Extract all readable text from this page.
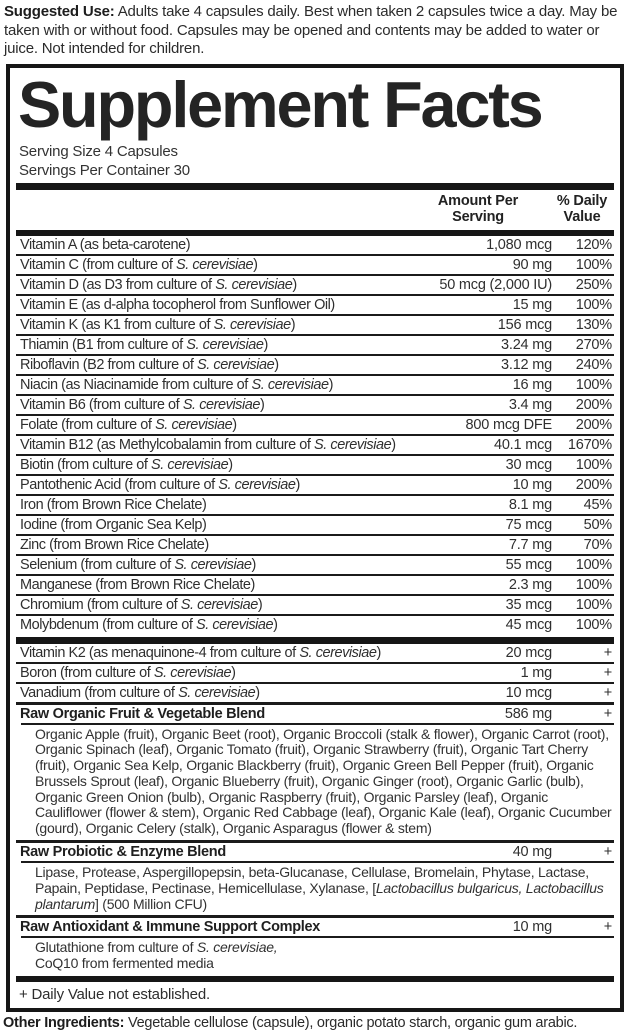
Suggested Use: Adults take 4 capsules daily. Best when taken 2 capsules twice a day. May be taken with or without food. Capsules may be opened and contents may be added to water or juice. Not intended for children.

Supplement Facts
Serving Size 4 Capsules
Servings Per Container 30
Amount Per Serving
% Daily Value
Vitamin A (as beta-carotene)	1,080 mcg	120%
Vitamin C (from culture of S. cerevisiae)	90 mg	100%
Vitamin D (as D3 from culture of S. cerevisiae)	50 mcg (2,000 IU)	250%
Vitamin E (as d-alpha tocopherol from Sunflower Oil)	15 mg	100%
Vitamin K (as K1 from culture of S. cerevisiae)	156 mcg	130%
Thiamin (B1 from culture of S. cerevisiae)	3.24 mg	270%
Riboflavin (B2 from culture of S. cerevisiae)	3.12 mg	240%
Niacin (as Niacinamide from culture of S. cerevisiae)	16 mg	100%
Vitamin B6 (from culture of S. cerevisiae)	3.4 mg	200%
Folate (from culture of S. cerevisiae)	800 mcg DFE	200%
Vitamin B12 (as Methylcobalamin from culture of S. cerevisiae)	40.1 mcg	1670%
Biotin (from culture of S. cerevisiae)	30 mcg	100%
Pantothenic Acid (from culture of S. cerevisiae)	10 mg	200%
Iron (from Brown Rice Chelate)	8.1 mg	45%
Iodine (from Organic Sea Kelp)	75 mcg	50%
Zinc (from Brown Rice Chelate)	7.7 mg	70%
Selenium (from culture of S. cerevisiae)	55 mcg	100%
Manganese (from Brown Rice Chelate)	2.3 mg	100%
Chromium (from culture of S. cerevisiae)	35 mcg	100%
Molybdenum (from culture of S. cerevisiae)	45 mcg	100%
Vitamin K2 (as menaquinone-4 from culture of S. cerevisiae)	20 mcg	+
Boron (from culture of S. cerevisiae)	1 mg	+
Vanadium (from culture of S. cerevisiae)	10 mcg	+
Raw Organic Fruit & Vegetable Blend	586 mg	+
Organic Apple (fruit), Organic Beet (root), Organic Broccoli (stalk & flower), Organic Carrot (root), Organic Spinach (leaf), Organic Tomato (fruit), Organic Strawberry (fruit), Organic Tart Cherry (fruit), Organic Sea Kelp, Organic Blackberry (fruit), Organic Green Bell Pepper (fruit), Organic Brussels Sprout (leaf), Organic Blueberry (fruit), Organic Ginger (root), Organic Garlic (bulb), Organic Green Onion (bulb), Organic Raspberry (fruit), Organic Parsley (leaf), Organic Cauliflower (flower & stem), Organic Red Cabbage (leaf), Organic Kale (leaf), Organic Cucumber (gourd), Organic Celery (stalk), Organic Asparagus (flower & stem)
Raw Probiotic & Enzyme Blend	40 mg	+
Lipase, Protease, Aspergillopepsin, beta-Glucanase, Cellulase, Bromelain, Phytase, Lactase, Papain, Peptidase, Pectinase, Hemicellulase, Xylanase, [Lactobacillus bulgaricus, Lactobacillus plantarum] (500 Million CFU)
Raw Antioxidant & Immune Support Complex	10 mg	+
Glutathione from culture of S. cerevisiae,
CoQ10 from fermented media
+ Daily Value not established.

Other Ingredients: Vegetable cellulose (capsule), organic potato starch, organic gum arabic.
